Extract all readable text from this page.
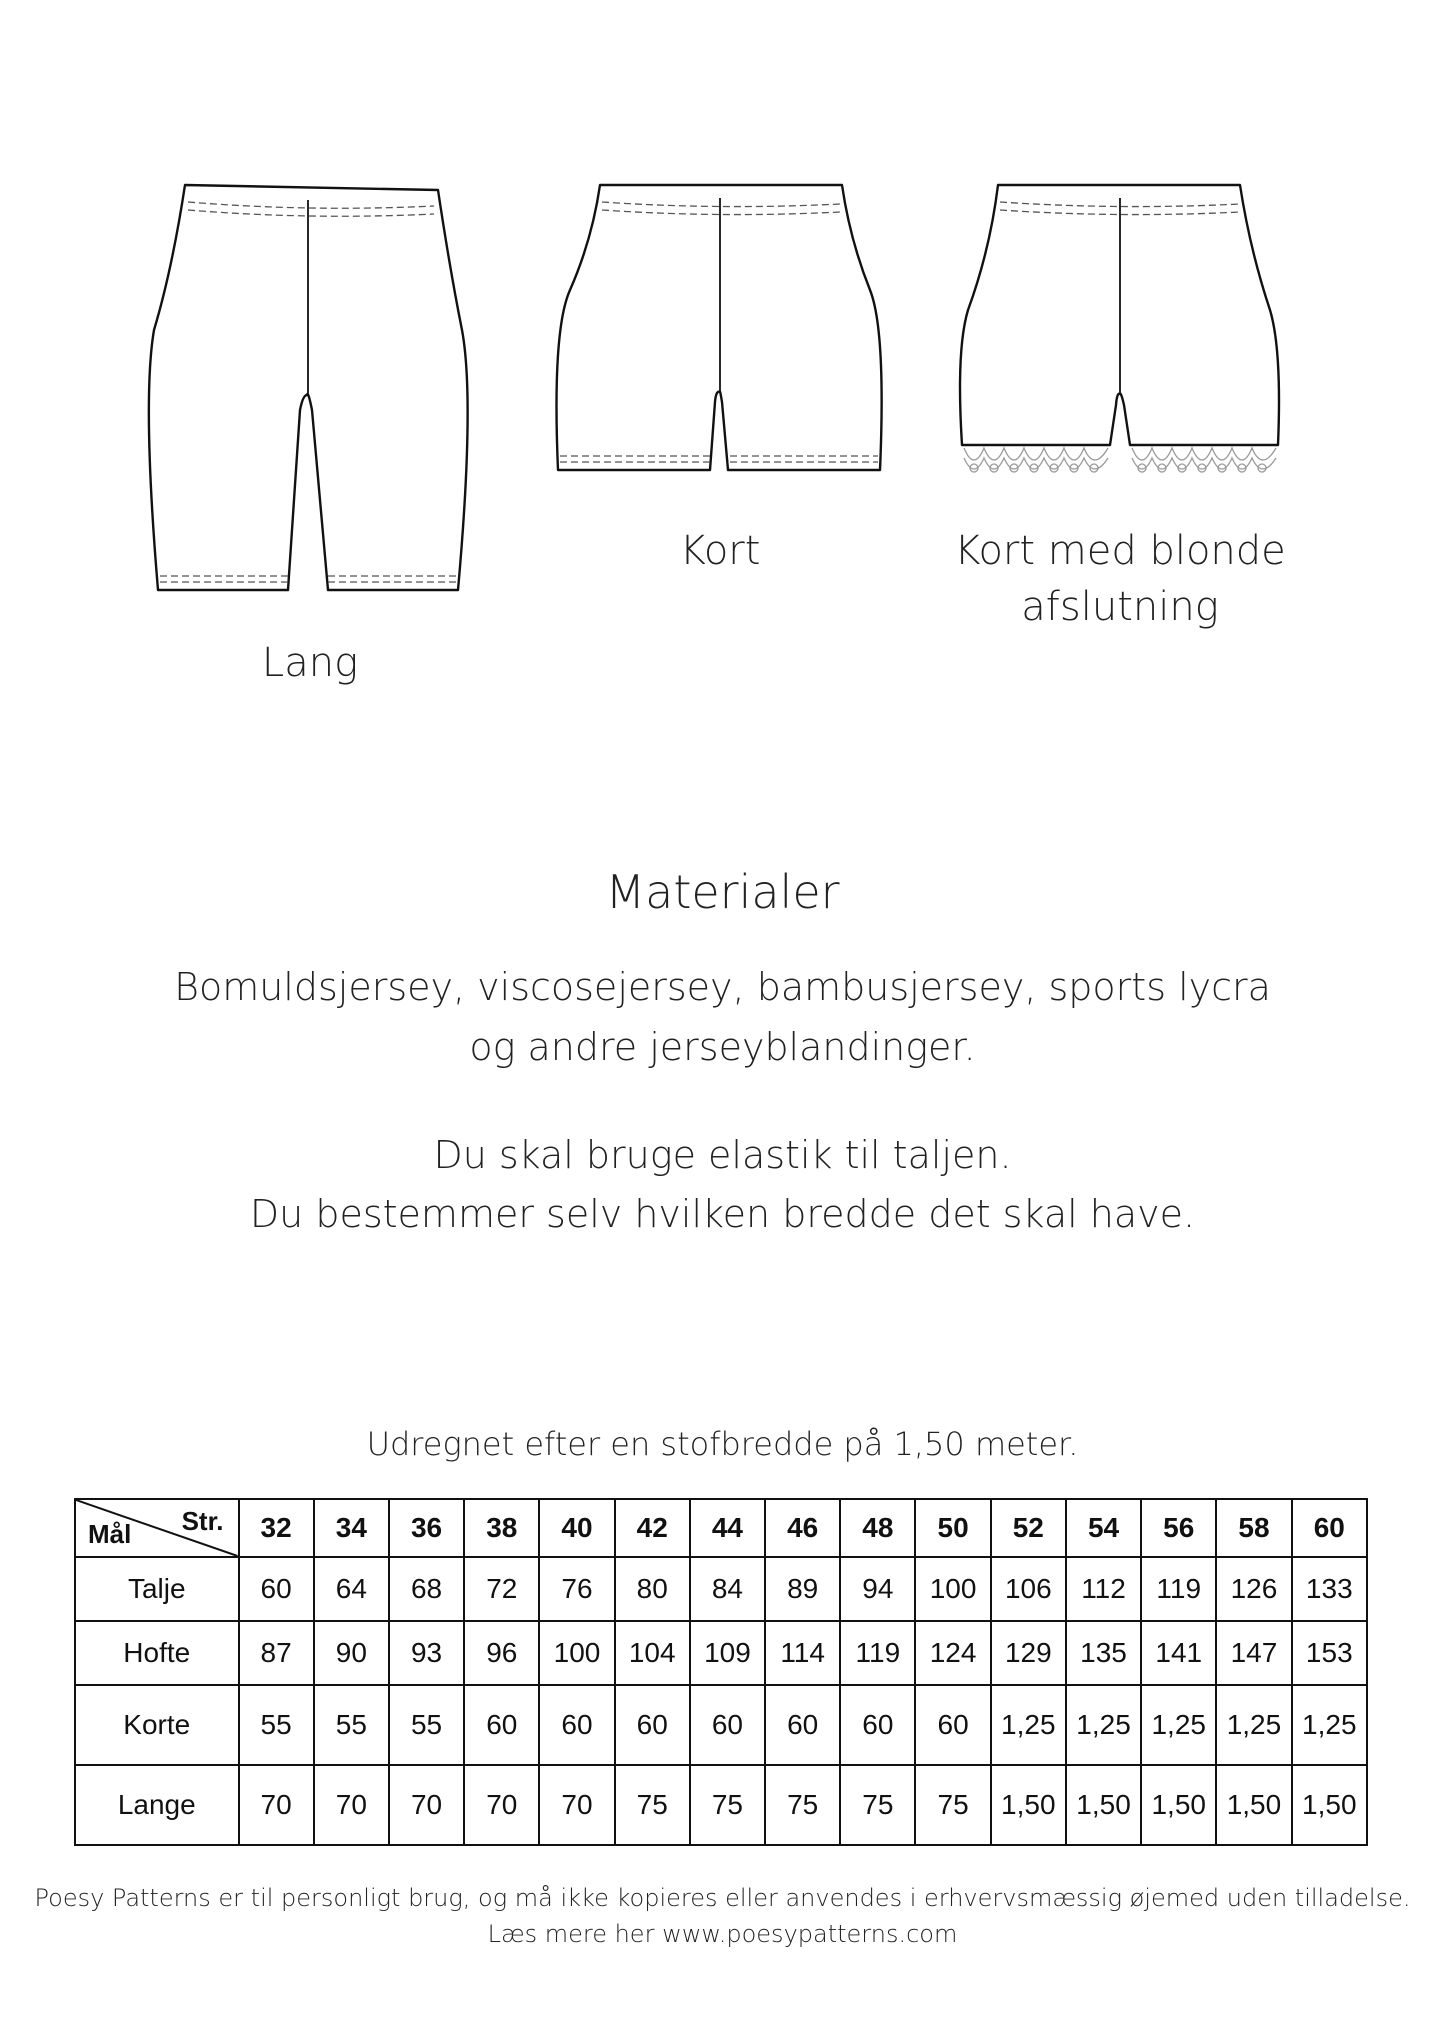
Lang
Kort	Kort med blonde
afslutning
Materialer
Bomuldsjersey, viscosejersey, bambusjersey, sports lycra
og andre jerseyblandinger.
Du skal bruge elastik til taljen.
Du bestemmer selv hvilken bredde det skal have.
Udregnet efter en stofbredde på 1,50 meter.
Str.
Mål	32	34	36	38	40	42	44	46	48	50	52	54	56	58	60
Talje	60	64	68	72	76	80	84	89	94	100	106	112	119	126	133
Hofte	87	90	93	96	100	104	109	114	119	124	129	135	141	147	153
Korte	55	55	55	60	60	60	60	60	60	60	1,25	1,25	1,25	1,25	1,25
Lange	70	70	70	70	70	75	75	75	75	75	1,50	1,50	1,50	1,50	1,50
Poesy Patterns er til personligt brug, og må ikke kopieres eller anvendes i erhvervsmæssig øjemed uden tilladelse.
Læs mere her www.poesypatterns.com
